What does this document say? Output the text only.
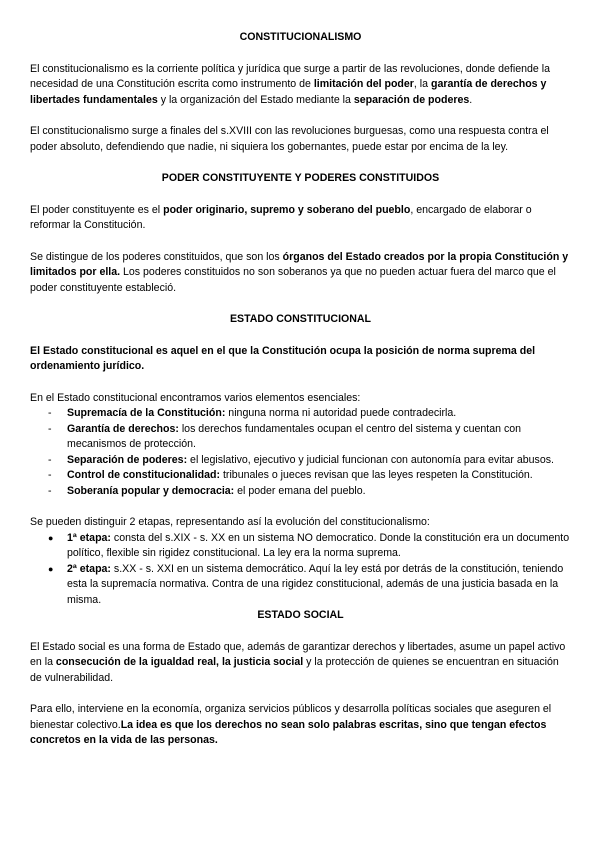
CONSTITUCIONALISMO

El constitucionalismo es la corriente política y jurídica que surge a partir de las revoluciones, donde defiende la necesidad de una Constitución escrita como instrumento de limitación del poder, la garantía de derechos y libertades fundamentales y la organización del Estado mediante la separación de poderes.

El constitucionalismo surge a finales del s.XVIII con las revoluciones burguesas, como una respuesta contra el poder absoluto, defendiendo que nadie, ni siquiera los gobernantes, puede estar por encima de la ley.

PODER CONSTITUYENTE Y PODERES CONSTITUIDOS

El poder constituyente es el poder originario, supremo y soberano del pueblo, encargado de elaborar o reformar la Constitución.

Se distingue de los poderes constituidos, que son los órganos del Estado creados por la propia Constitución y limitados por ella. Los poderes constituidos no son soberanos ya que no pueden actuar fuera del marco que el poder constituyente estableció.

ESTADO CONSTITUCIONAL

El Estado constitucional es aquel en el que la Constitución ocupa la posición de norma suprema del ordenamiento jurídico.

En el Estado constitucional encontramos varios elementos esenciales:

- Supremacía de la Constitución: ninguna norma ni autoridad puede contradecirla.
- Garantía de derechos: los derechos fundamentales ocupan el centro del sistema y cuentan con mecanismos de protección.
- Separación de poderes: el legislativo, ejecutivo y judicial funcionan con autonomía para evitar abusos.
- Control de constitucionalidad: tribunales o jueces revisan que las leyes respeten la Constitución.
- Soberanía popular y democracia: el poder emana del pueblo.

Se pueden distinguir 2 etapas, representando así la evolución del constitucionalismo:

● 1ª etapa: consta del s.XIX - s. XX en un sistema NO democratico. Donde la constitución era un documento político, flexible sin rigidez constitucional. La ley era la norma suprema.
● 2ª etapa: s.XX - s. XXI en un sistema democrático. Aquí la ley está por detrás de la constitución, teniendo esta la supremacía normativa. Contra de una rigidez constitucional, además de una justicia basada en la misma.
ESTADO SOCIAL

El Estado social es una forma de Estado que, además de garantizar derechos y libertades, asume un papel activo en la consecución de la igualdad real, la justicia social y la protección de quienes se encuentran en situación de vulnerabilidad.

Para ello, interviene en la economía, organiza servicios públicos y desarrolla políticas sociales que aseguren el bienestar colectivo.La idea es que los derechos no sean solo palabras escritas, sino que tengan efectos concretos en la vida de las personas.
